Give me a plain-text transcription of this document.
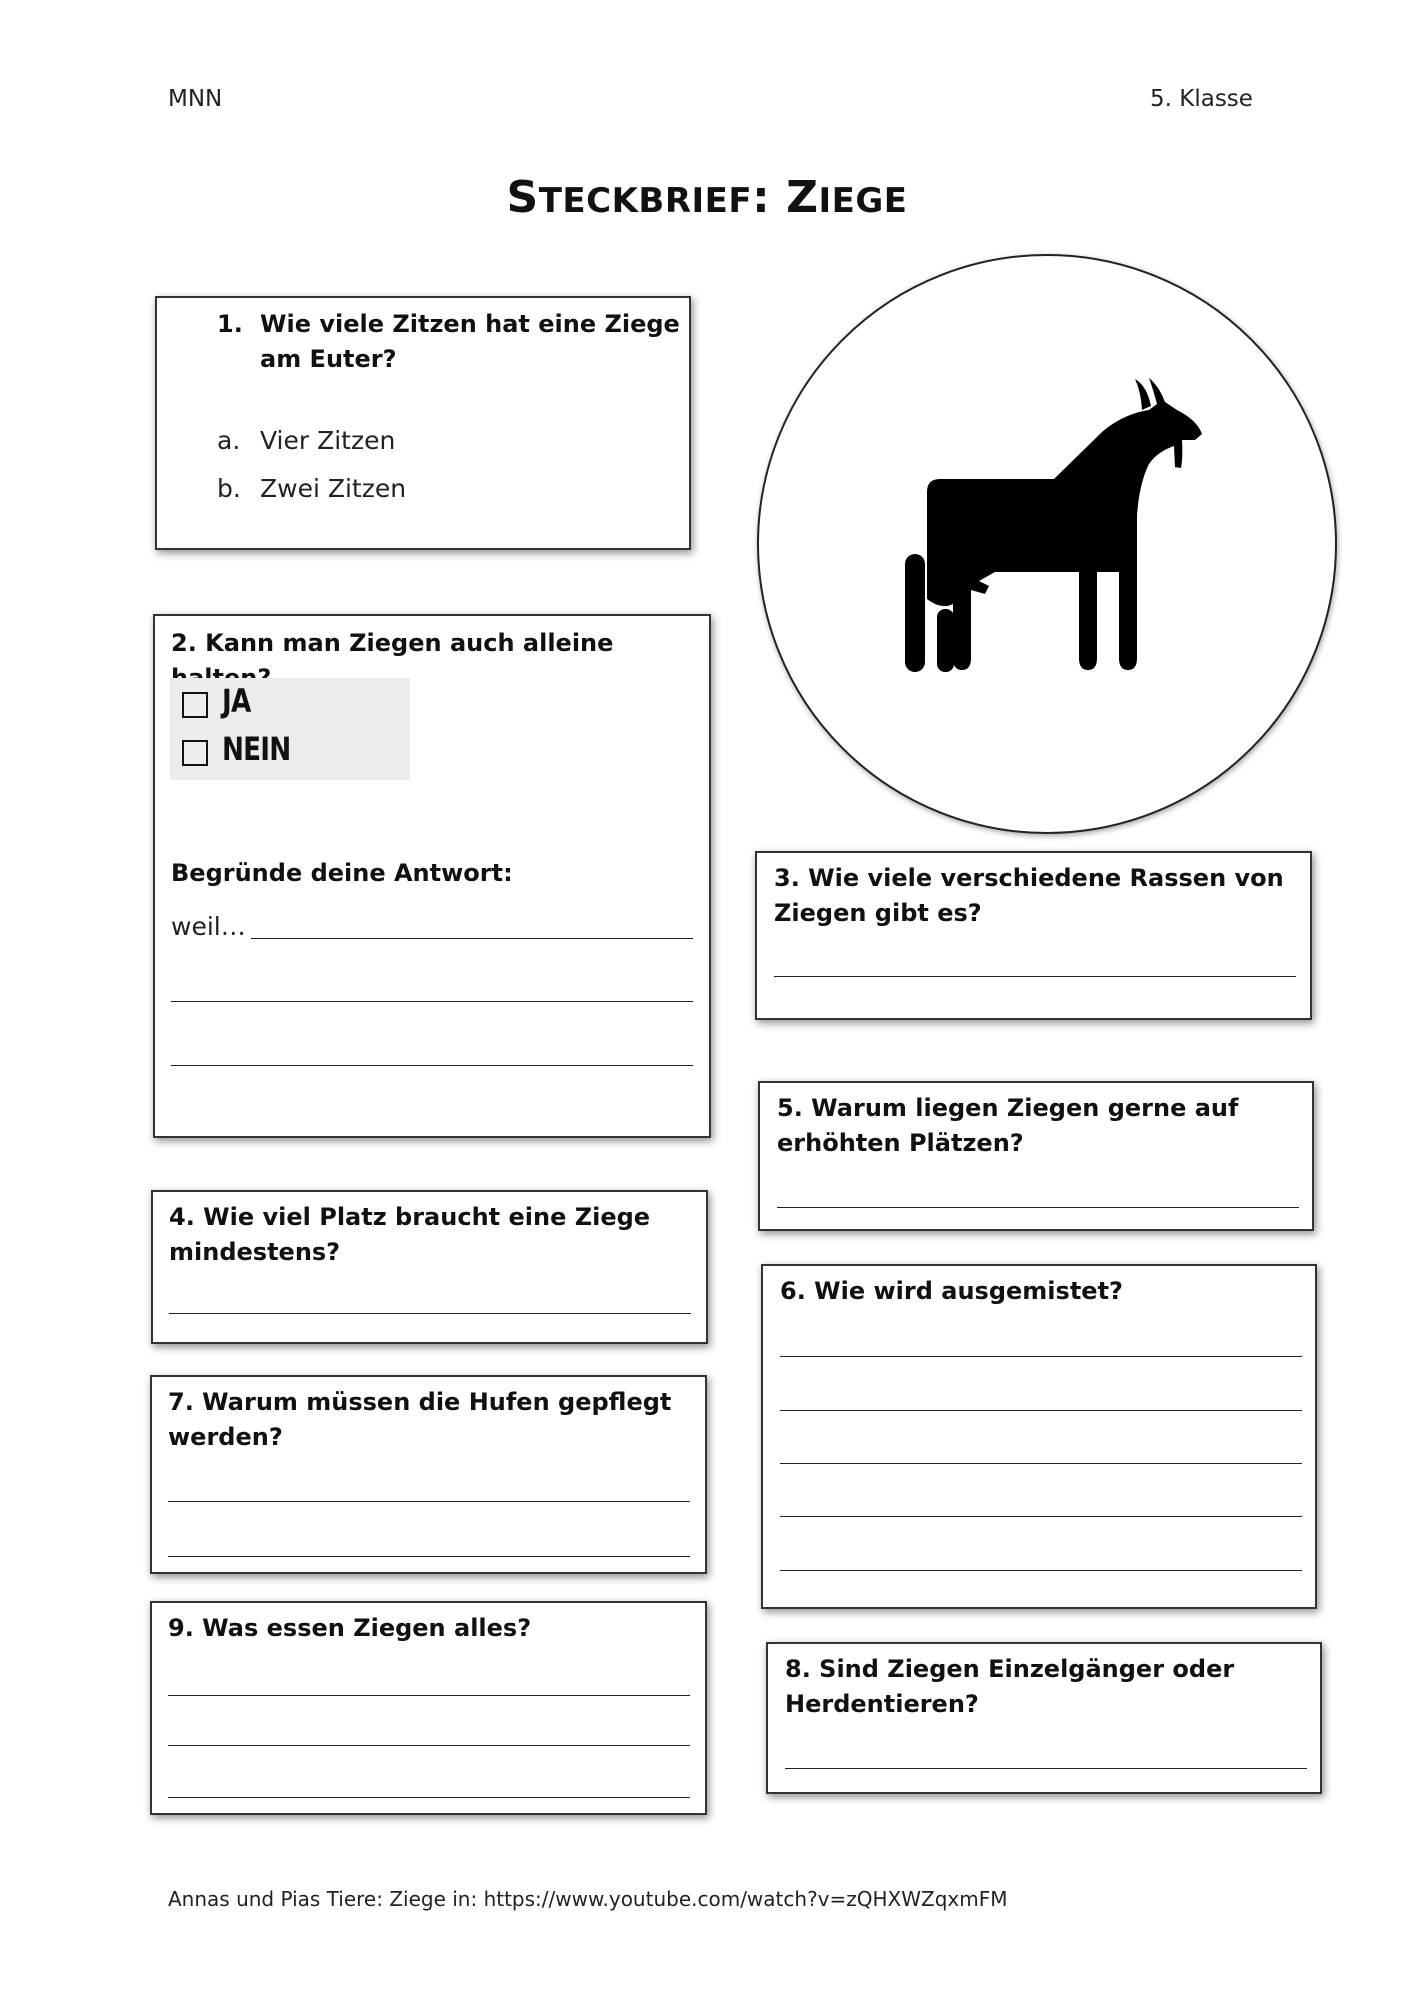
MNN	5. Klasse
STECKBRIEF: ZIEGE
1. Wie viele Zitzen hat eine Ziege
am Euter?
a. Vier Zitzen
b. Zwei Zitzen
2. Kann man Ziegen auch alleine
Begründe deine Antwort:
weil…
JA
NEIN
3. Wie viele verschiedene Rassen von
Ziegen gibt es?
5. Warum liegen Ziegen gerne auf
erhöhten Plätzen?
4. Wie viel Platz braucht eine Ziege
mindestens?
6. Wie wird ausgemistet?
7. Warum müssen die Hufen gepflegt
werden?
9. Was essen Ziegen alles?
8. Sind Ziegen Einzelgänger oder
Herdentieren?
Annas und Pias Tiere: Ziege in: https://www.youtube.com/watch?v=zQHXWZqxmFM
